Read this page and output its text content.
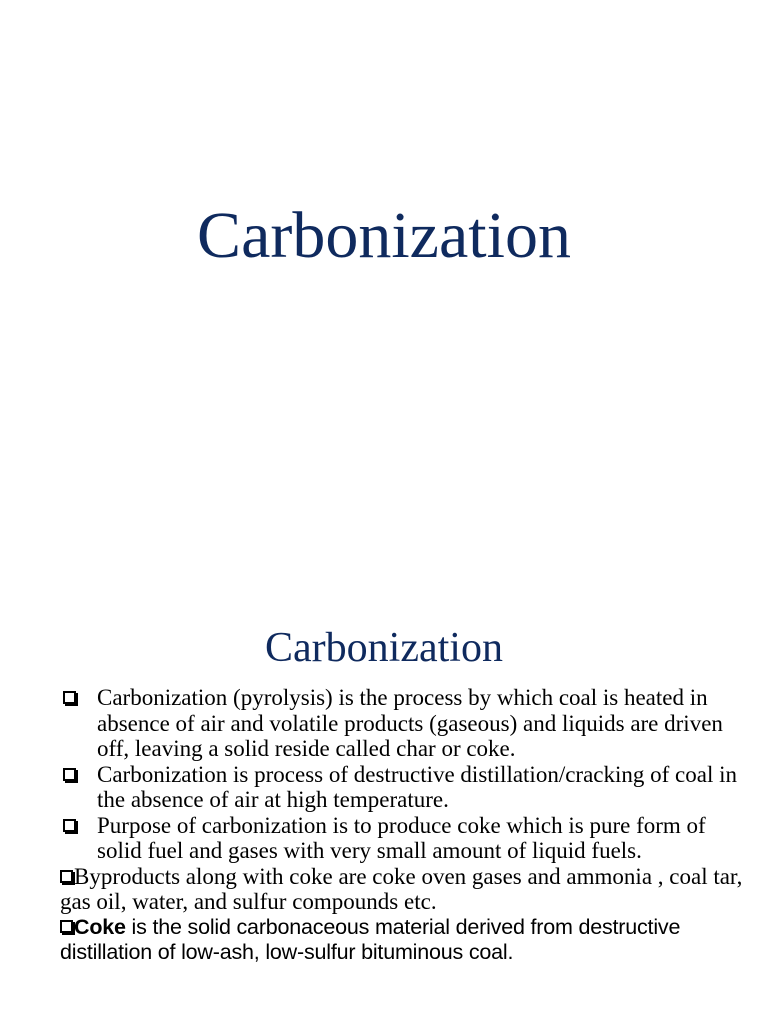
Carbonization
Carbonization
Carbonization (pyrolysis) is the process by which coal is heated in absence of air and volatile products (gaseous) and liquids are driven off, leaving a solid reside called char or coke.
Carbonization is process of destructive distillation/cracking of coal in the absence of air at high temperature.
Purpose of carbonization is to produce coke which is pure form of solid fuel and gases with very small amount of liquid fuels.
Byproducts along with coke are coke oven gases and ammonia , coal tar, gas oil, water, and sulfur compounds etc.
Coke is the solid carbonaceous material derived from destructive distillation of low-ash, low-sulfur bituminous coal.
